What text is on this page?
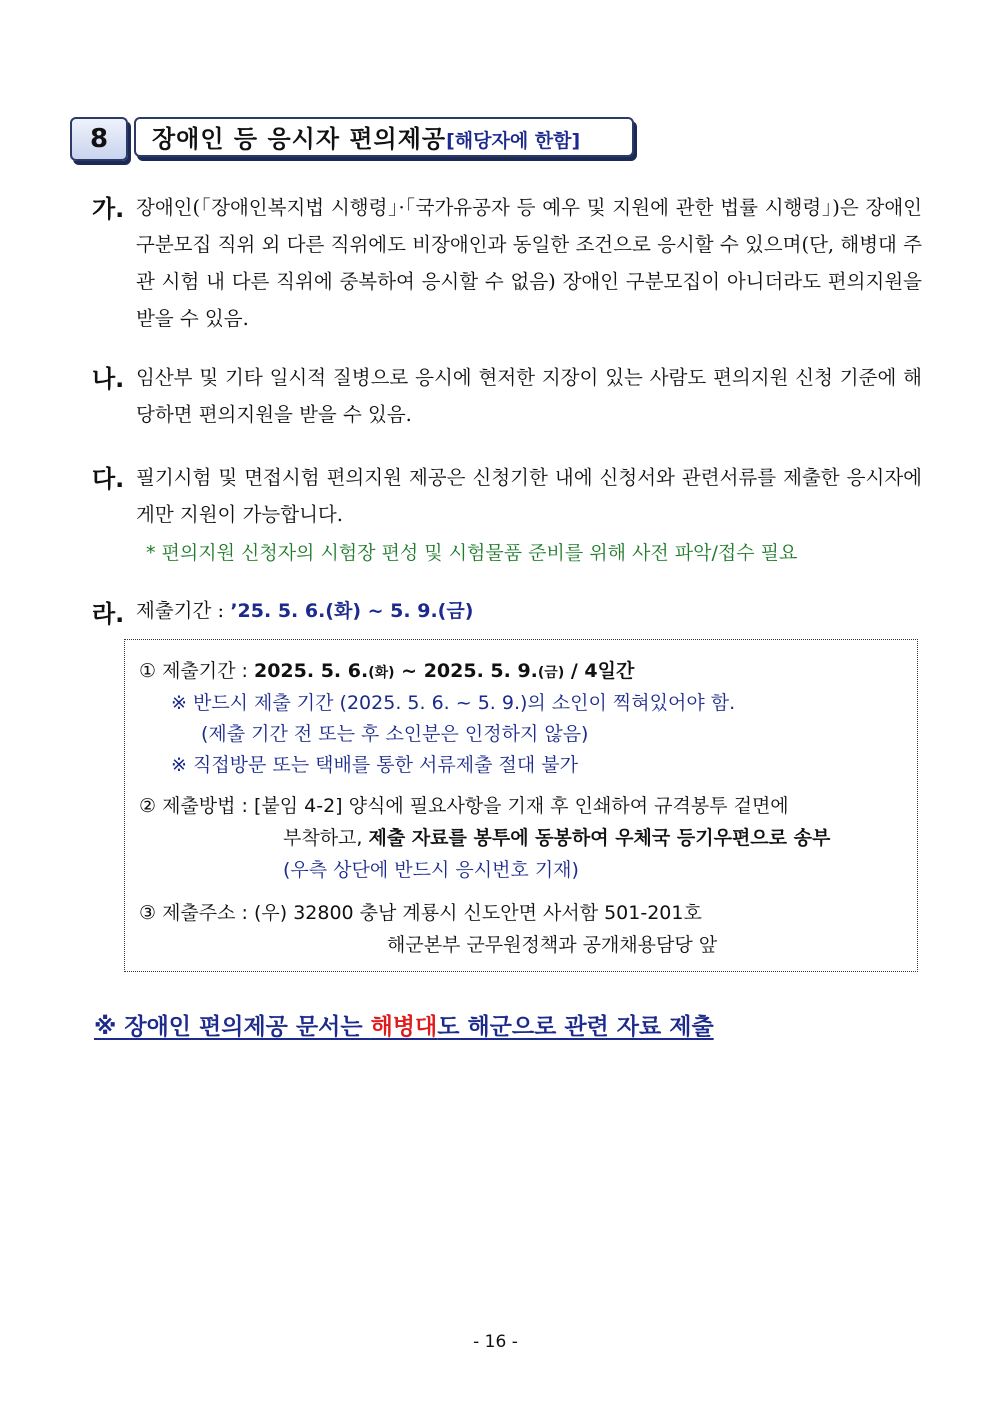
8	장애인 등 응시자 편의제공[해당자에 한함]
가. 장애인(「장애인복지법 시행령」·「국가유공자 등 예우 및 지원에 관한 법률 시행령」)은 장애인 구분모집 직위 외 다른 직위에도 비장애인과 동일한 조건으로 응시할 수 있으며(단, 해병대 주관 시험 내 다른 직위에 중복하여 응시할 수 없음) 장애인 구분모집이 아니더라도 편의지원을 받을 수 있음.
나. 임산부 및 기타 일시적 질병으로 응시에 현저한 지장이 있는 사람도 편의지원 신청 기준에 해당하면 편의지원을 받을 수 있음.
다. 필기시험 및 면접시험 편의지원 제공은 신청기한 내에 신청서와 관련서류를 제출한 응시자에게만 지원이 가능합니다.
* 편의지원 신청자의 시험장 편성 및 시험물품 준비를 위해 사전 파악/접수 필요
라. 제출기간 : ’25. 5. 6.(화) ~ 5. 9.(금)
① 제출기간 : 2025. 5. 6.(화) ~ 2025. 5. 9.(금) / 4일간
※ 반드시 제출 기간 (2025. 5. 6. ~ 5. 9.)의 소인이 찍혀있어야 함.
(제출 기간 전 또는 후 소인분은 인정하지 않음)
※ 직접방문 또는 택배를 통한 서류제출 절대 불가
② 제출방법 : [붙임 4-2] 양식에 필요사항을 기재 후 인쇄하여 규격봉투 겉면에
부착하고, 제출 자료를 봉투에 동봉하여 우체국 등기우편으로 송부
(우측 상단에 반드시 응시번호 기재)
③ 제출주소 : (우) 32800 충남 계룡시 신도안면 사서함 501-201호
해군본부 군무원정책과 공개채용담당 앞
※ 장애인 편의제공 문서는 해병대도 해군으로 관련 자료 제출
- 16 -
